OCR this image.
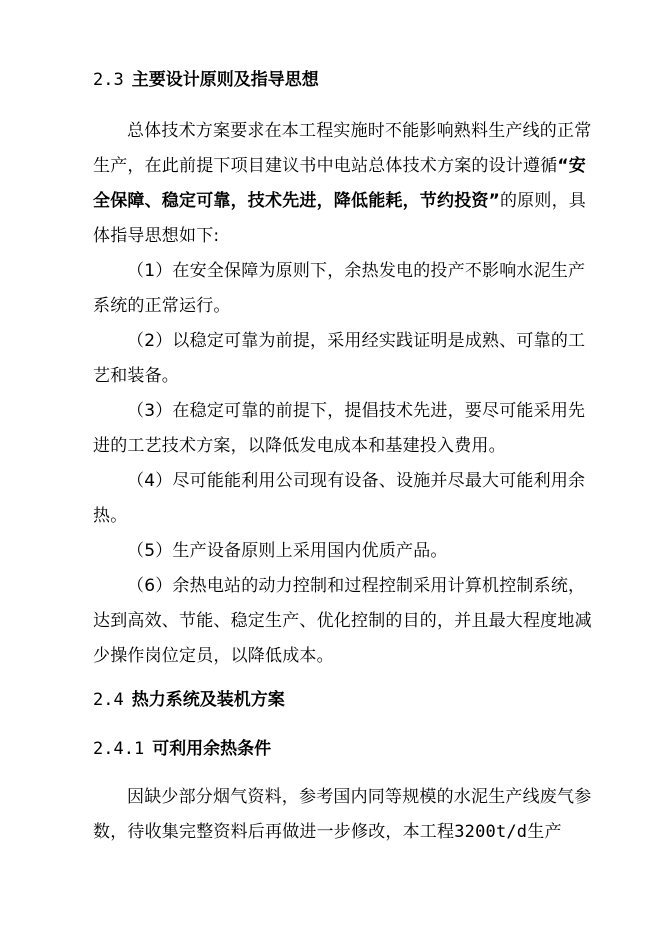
2.3 主要设计原则及指导思想
总体技术方案要求在本工程实施时不能影响熟料生产线的正常生产，在此前提下项目建议书中电站总体技术方案的设计遵循“安全保障、稳定可靠，技术先进，降低能耗，节约投资”的原则，具体指导思想如下:
（1）在安全保障为原则下，余热发电的投产不影响水泥生产系统的正常运行。
（2）以稳定可靠为前提，采用经实践证明是成熟、可靠的工艺和装备。
（3）在稳定可靠的前提下，提倡技术先进，要尽可能采用先进的工艺技术方案，以降低发电成本和基建投入费用。
（4）尽可能能利用公司现有设备、设施并尽最大可能利用余热。
（5）生产设备原则上采用国内优质产品。
（6）余热电站的动力控制和过程控制采用计算机控制系统，达到高效、节能、稳定生产、优化控制的目的，并且最大程度地减少操作岗位定员，以降低成本。
2.4 热力系统及装机方案
2.4.1 可利用余热条件
因缺少部分烟气资料，参考国内同等规模的水泥生产线废气参数，待收集完整资料后再做进一步修改，本工程3200t/d生产
